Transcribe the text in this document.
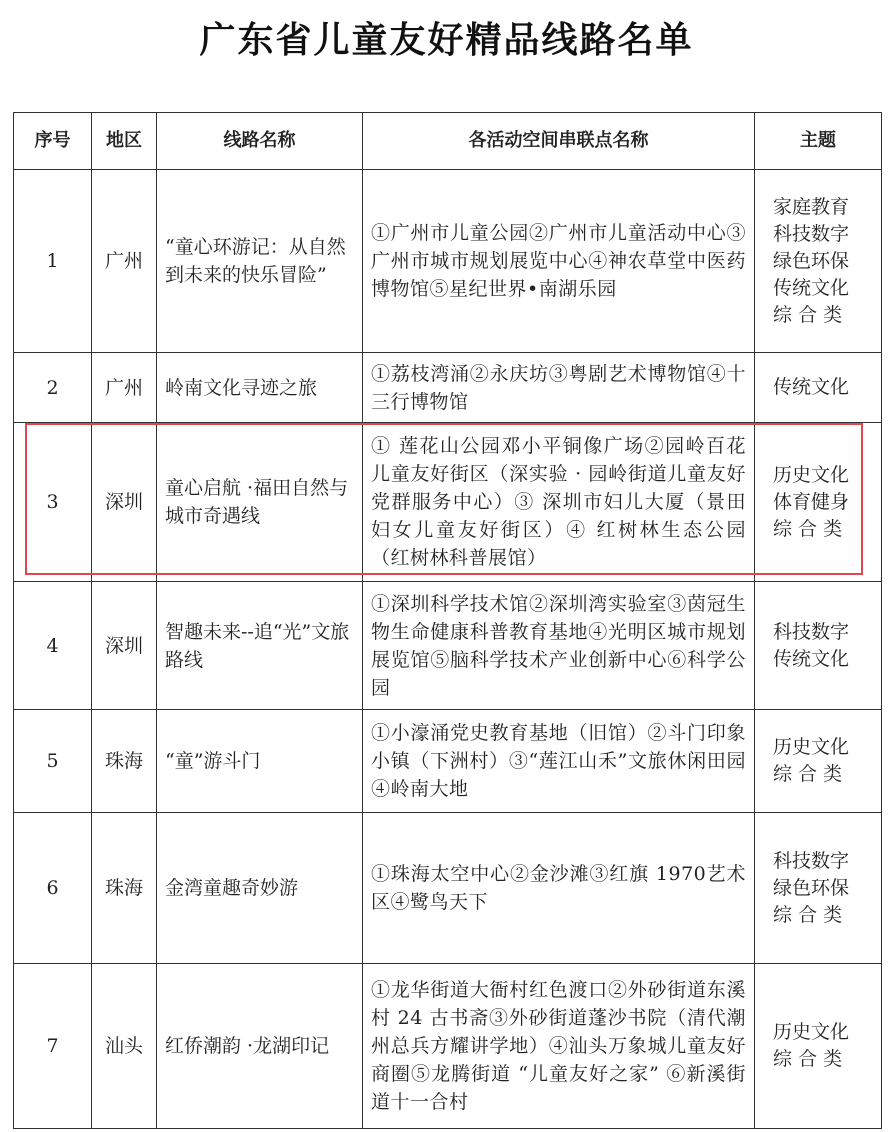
广东省儿童友好精品线路名单
序号	地区	线路名称	各活动空间串联点名称	主题
1	广州	“童心环游记：从自然到未来的快乐冒险”	①广州市儿童公园②广州市儿童活动中心③广州市城市规划展览中心④神农草堂中医药博物馆⑤星纪世界•南湖乐园	家庭教育
科技数字
绿色环保
传统文化
综 合 类

2	广州	岭南文化寻迹之旅	①荔枝湾涌②永庆坊③粤剧艺术博物馆④十三行博物馆	传统文化

3	深圳	童心启航 ·福田自然与城市奇遇线	① 莲花山公园邓小平铜像广场②园岭百花儿童友好街区（深实验 · 园岭街道儿童友好党群服务中心）③ 深圳市妇儿大厦（景田妇女儿童友好街区）④ 红树林生态公园（红树林科普展馆）	历史文化
体育健身
综 合 类

4	深圳	智趣未来--追“光”文旅路线	①深圳科学技术馆②深圳湾实验室③茵冠生物生命健康科普教育基地④光明区城市规划展览馆⑤脑科学技术产业创新中心⑥科学公园	科技数字
传统文化

5	珠海	“童”游斗门	①小濠涌党史教育基地（旧馆）②斗门印象小镇（下洲村）③“莲江山禾”文旅休闲田园④岭南大地	历史文化
综 合 类

6	珠海	金湾童趣奇妙游	①珠海太空中心②金沙滩③红旗 1970艺术区④鹭鸟天下	科技数字
绿色环保
综 合 类

7	汕头	红侨潮韵 ·龙湖印记	①龙华街道大衙村红色渡口②外砂街道东溪村 24 古书斋③外砂街道蓬沙书院（清代潮州总兵方耀讲学地）④汕头万象城儿童友好商圈⑤龙腾街道 “儿童友好之家” ⑥新溪街道十一合村	历史文化
综 合 类
